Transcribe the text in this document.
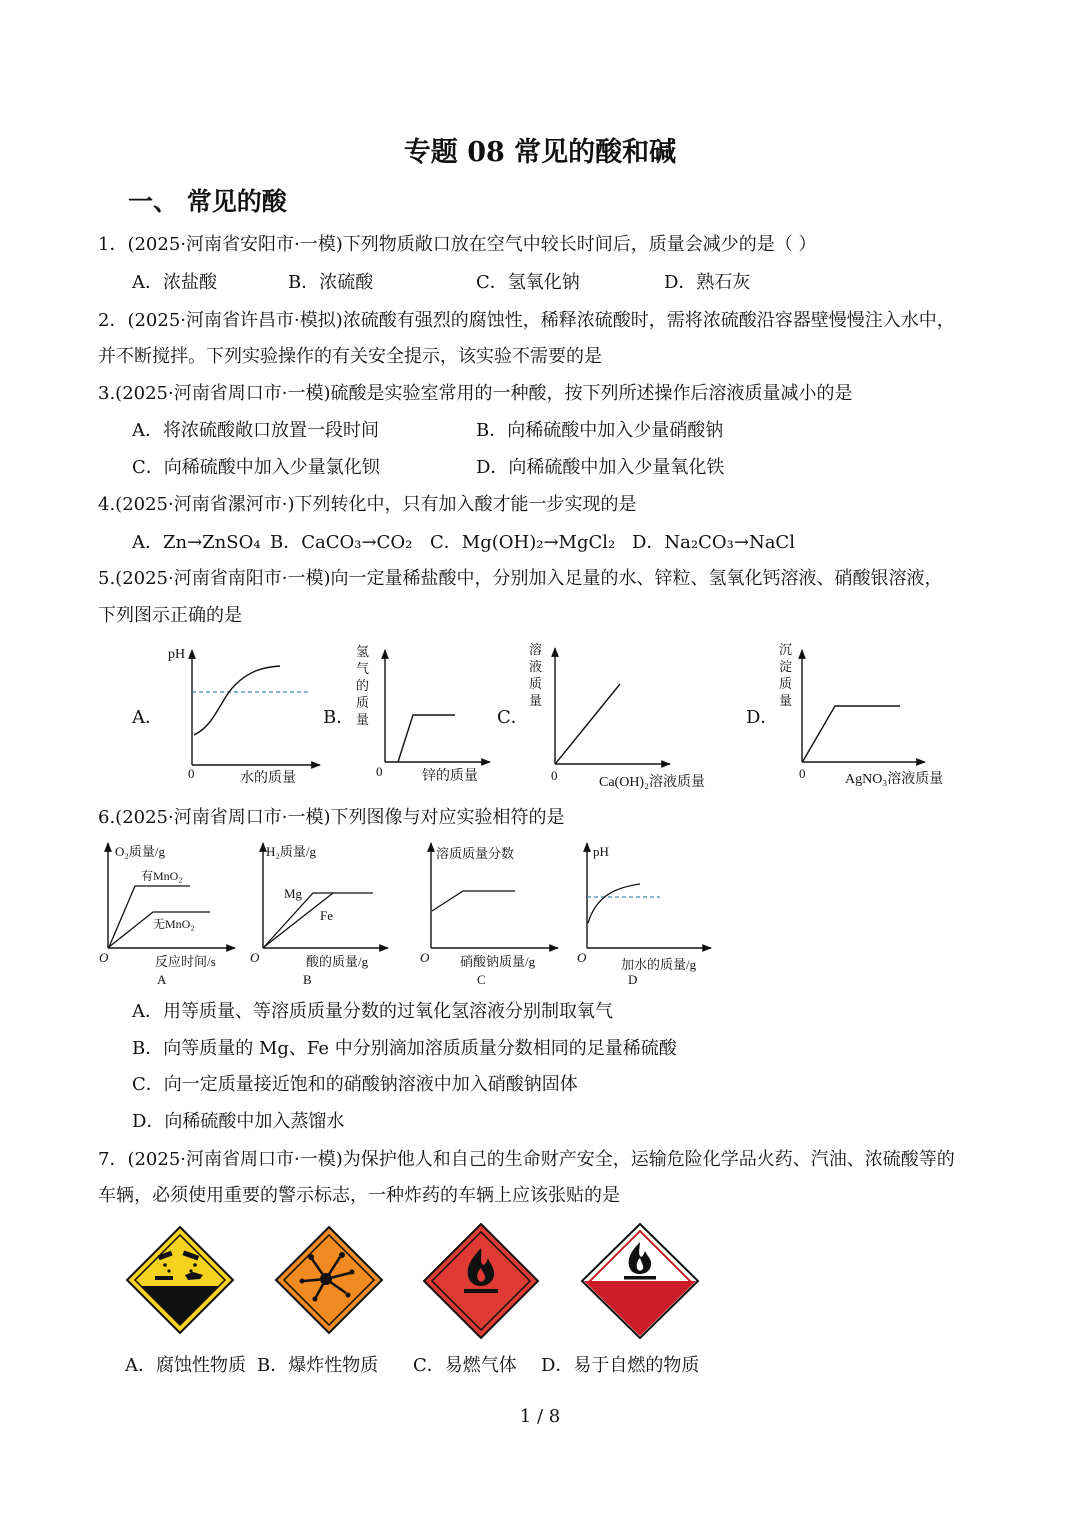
专题 08 常见的酸和碱
一、 常见的酸
1．(2025·河南省安阳市·一模)下列物质敞口放在空气中较长时间后，质量会减少的是（ ）
A．浓盐酸	B．浓硫酸	C．氢氧化钠	D．熟石灰
2．(2025·河南省许昌市·模拟)浓硫酸有强烈的腐蚀性，稀释浓硫酸时，需将浓硫酸沿容器壁慢慢注入水中，
并不断搅拌。下列实验操作的有关安全提示，该实验不需要的是
3.(2025·河南省周口市·一模)硫酸是实验室常用的一种酸，按下列所述操作后溶液质量减小的是
A．将浓硫酸敞口放置一段时间	B．向稀硫酸中加入少量硝酸钠
C．向稀硫酸中加入少量氯化钡	D．向稀硫酸中加入少量氧化铁
4.(2025·河南省漯河市·)下列转化中，只有加入酸才能一步实现的是
A．Zn→ZnSO₄ B．CaCO₃→CO₂ C．Mg(OH)₂→MgCl₂ D．Na₂CO₃→NaCl
5.(2025·河南省南阳市·一模)向一定量稀盐酸中，分别加入足量的水、锌粒、氢氧化钙溶液、硝酸银溶液，
下列图示正确的是
A．
pH
0	水的质量
B．
氢
气
的
质
量
0	锌的质量
C．
溶
液
质
量
0	Ca(OH)₂溶液质量
D．
沉
淀
质
量
0	AgNO₃溶液质量
6.(2025·河南省周口市·一模)下列图像与对应实验相符的是
O₂质量/g
有MnO₂
无MnO₂
O	反应时间/s
A
H₂质量/g
Mg
Fe
O	酸的质量/g
B
溶质质量分数
O 硝酸钠质量/g
C
pH
O	加水的质量/g
D
A．用等质量、等溶质质量分数的过氧化氢溶液分别制取氧气
B．向等质量的 Mg、Fe 中分别滴加溶质质量分数相同的足量稀硫酸
C．向一定质量接近饱和的硝酸钠溶液中加入硝酸钠固体
D．向稀硫酸中加入蒸馏水
7．(2025·河南省周口市·一模)为保护他人和自己的生命财产安全，运输危险化学品火药、汽油、浓硫酸等的
车辆，必须使用重要的警示标志，一种炸药的车辆上应该张贴的是
A．腐蚀性物质 B．爆炸性物质 C．易燃气体 D．易于自燃的物质
1 / 8
